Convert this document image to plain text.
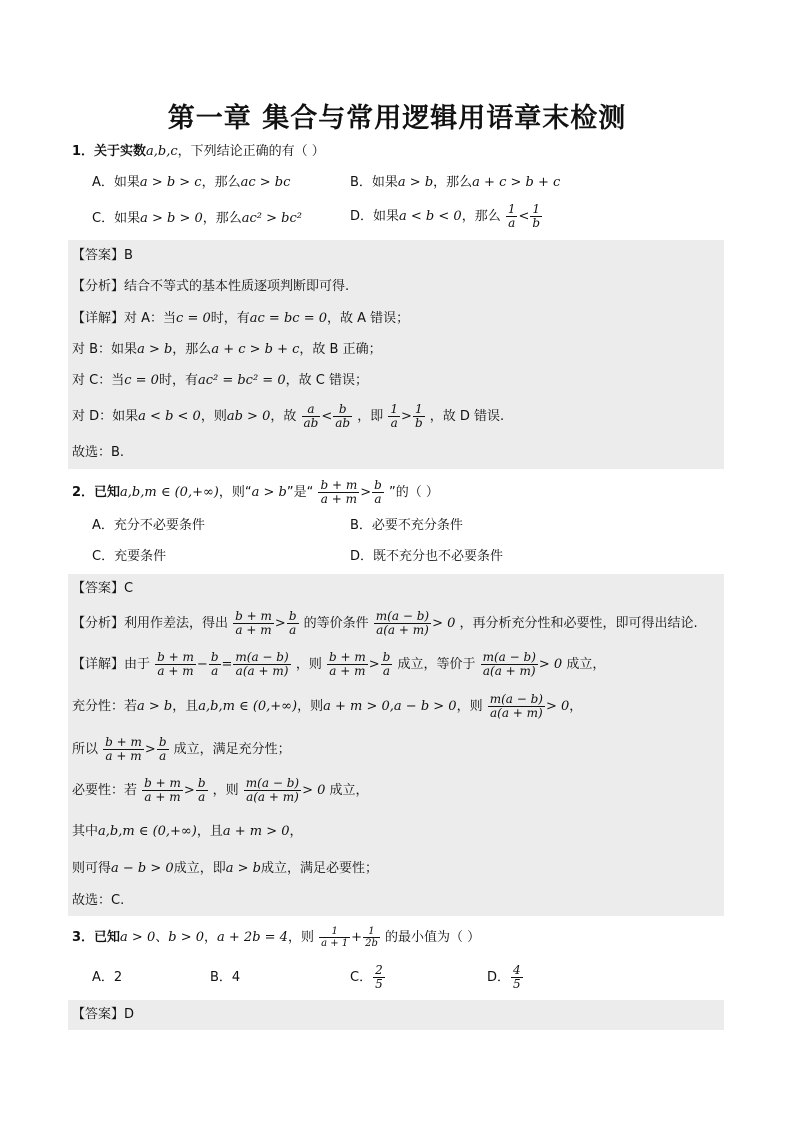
第一章 集合与常用逻辑用语章末检测
1．关于实数a,b,c，下列结论正确的有（ ）
A．如果a > b > c，那么ac > bc	B．如果a > b，那么a + c > b + c
C．如果a > b > 0，那么ac² > bc²	D．如果a < b < 0，那么 $\frac{1}{a} < \frac{1}{b}$
【答案】B
【分析】结合不等式的基本性质逐项判断即可得.
【详解】对 A：当c = 0时，有ac = bc = 0，故 A 错误；
对 B：如果a > b，那么a + c > b + c，故 B 正确；
对 C：当c = 0时，有ac² = bc² = 0，故 C 错误；
对 D：如果a < b < 0，则ab > 0，故 $\frac{a}{ab} < \frac{b}{ab}$ ，即 $\frac{1}{a} > \frac{1}{b}$ ，故 D 错误.
故选：B.
2．已知a,b,m ∈ (0,+∞)，则“a > b”是“ $\frac{b + m}{a + m} > \frac{b}{a}$ ”的（ ）
A．充分不必要条件	B．必要不充分条件
C．充要条件	D．既不充分也不必要条件
【答案】C
【分析】利用作差法，得出 $\frac{b + m}{a + m} > \frac{b}{a}$ 的等价条件 $\frac{m(a - b)}{a(a + m)} > 0$ ，再分析充分性和必要性，即可得出结论.
【详解】由于 $\frac{b + m}{a + m} - \frac{b}{a} = \frac{m(a - b)}{a(a + m)}$ ，则 $\frac{b + m}{a + m} > \frac{b}{a}$ 成立，等价于 $\frac{m(a - b)}{a(a + m)} > 0$ 成立，
充分性：若a > b，且a,b,m ∈ (0,+∞)，则a + m > 0,a − b > 0，则 $\frac{m(a - b)}{a(a + m)} > 0$，
所以 $\frac{b + m}{a + m} > \frac{b}{a}$ 成立，满足充分性；
必要性：若 $\frac{b + m}{a + m} > \frac{b}{a}$ ，则 $\frac{m(a - b)}{a(a + m)} > 0$ 成立，
其中a,b,m ∈ (0,+∞)，且a + m > 0，
则可得a − b > 0成立，即a > b成立，满足必要性；
故选：C.
3．已知a > 0、b > 0，a + 2b = 4，则 $\frac{1}{a + 1} + \frac{1}{2b}$ 的最小值为（ ）
A．2	B．4	C． $\frac{2}{5}$	D． $\frac{4}{5}$
【答案】D
